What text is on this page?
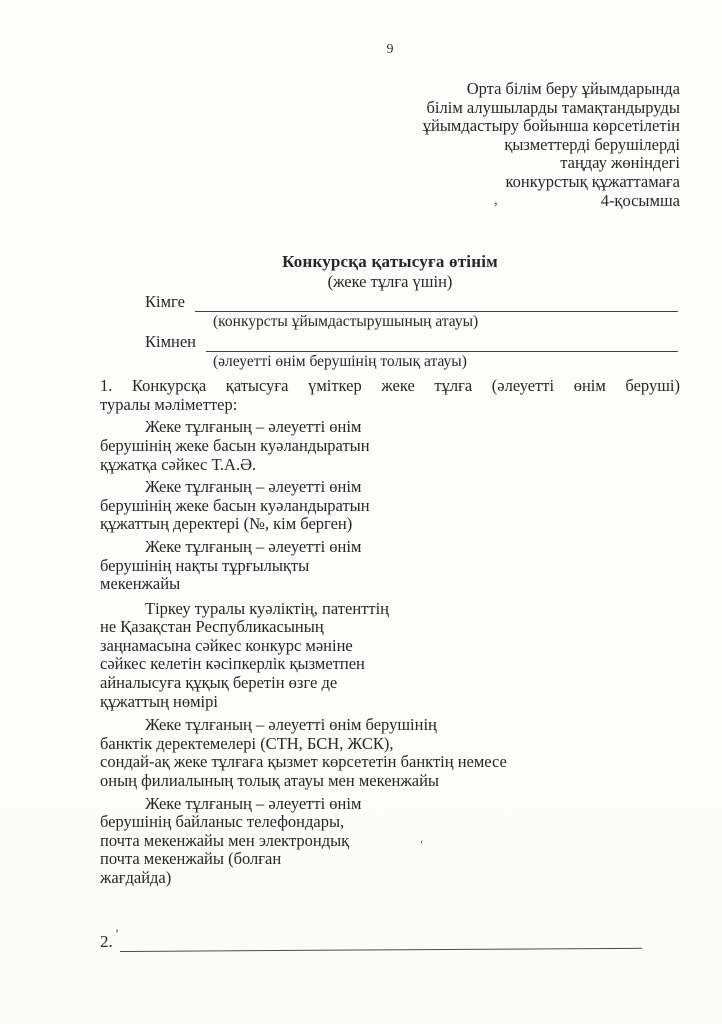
9
Орта білім беру ұйымдарында
білім алушыларды тамақтандыруды
ұйымдастыру бойынша көрсетілетін
қызметтерді берушілерді
таңдау жөніндегі
конкурстық құжаттамаға
4-қосымша
Конкурсқа қатысуға өтінім
(жеке тұлға үшін)
Кімге
(конкурсты ұйымдастырушының атауы)
Кімнен
(әлеуетті өнім берушінің толық атауы)
1. Конкурсқа қатысуға үміткер жеке тұлға (әлеуетті өнім беруші)
туралы мәліметтер:
Жеке тұлғаның – әлеуетті өнім
берушінің жеке басын куәландыратын
құжатқа сәйкес Т.А.Ә.
Жеке тұлғаның – әлеуетті өнім
берушінің жеке басын куәландыратын
құжаттың деректері (№, кім берген)
Жеке тұлғаның – әлеуетті өнім
берушінің нақты тұрғылықты
мекенжайы
Тіркеу туралы куәліктің, патенттің
не Қазақстан Республикасының
заңнамасына сәйкес конкурс мәніне
сәйкес келетін кәсіпкерлік қызметпен
айналысуға құқық беретін өзге де
құжаттың нөмірі
Жеке тұлғаның – әлеуетті өнім берушінің
банктік деректемелері (СТН, БСН, ЖСК),
сондай-ақ жеке тұлғаға қызмет көрсететін банктің немесе
оның филиалының толық атауы мен мекенжайы
Жеке тұлғаның – әлеуетті өнім
берушінің байланыс телефондары,
почта мекенжайы мен электрондық
почта мекенжайы (болған
жағдайда)
,
‘
2. ’
